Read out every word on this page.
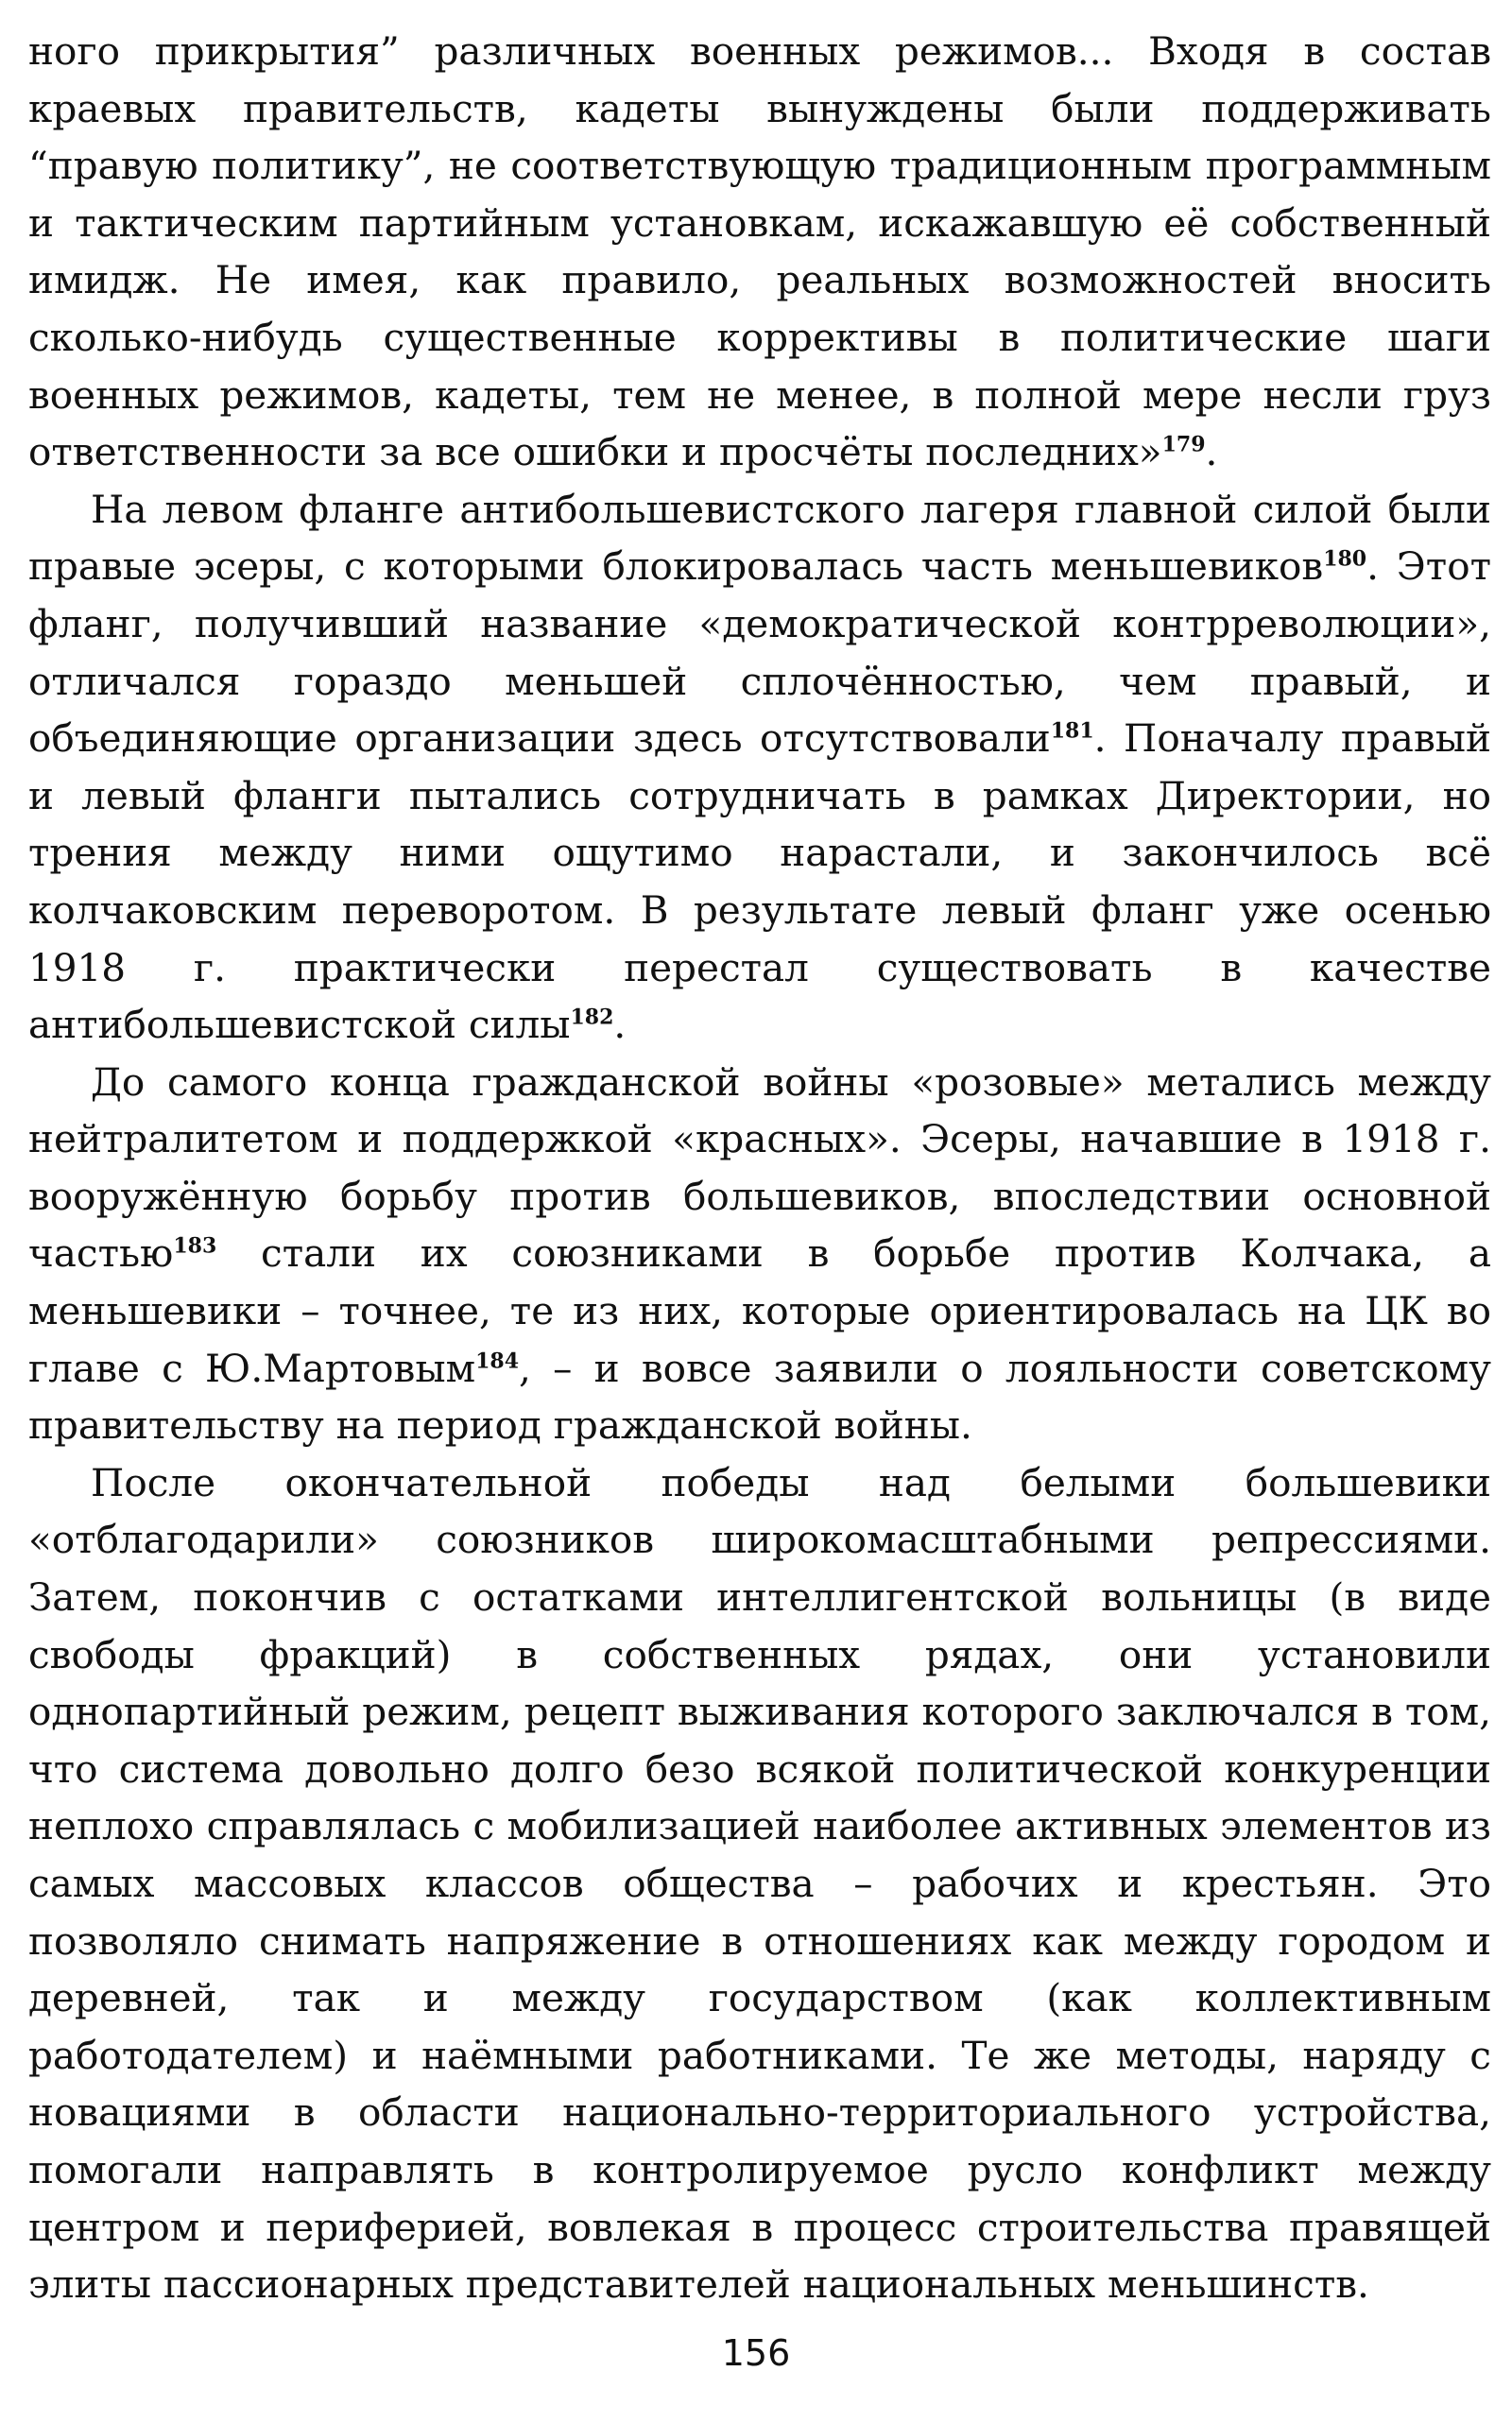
ного прикрытия” различных военных режимов... Входя в состав краевых правительств, кадеты вынуждены были поддерживать “правую политику”, не соответствующую традиционным программным и тактическим партийным установкам, искажавшую её собственный имидж. Не имея, как правило, реальных возможностей вносить сколько-нибудь существенные коррективы в политические шаги военных режимов, кадеты, тем не менее, в полной мере несли груз ответственности за все ошибки и просчёты последних»$^{179}$.

На левом фланге антибольшевистского лагеря главной силой были правые эсеры, с которыми блокировалась часть меньшевиков$^{180}$. Этот фланг, получивший название «демократической контрреволюции», отличался гораздо меньшей сплочённостью, чем правый, и объединяющие организации здесь отсутствовали$^{181}$. Поначалу правый и левый фланги пытались сотрудничать в рамках Директории, но трения между ними ощутимо нарастали, и закончилось всё колчаковским переворотом. В результате левый фланг уже осенью 1918 г. практически перестал существовать в качестве антибольшевистской силы$^{182}$.

До самого конца гражданской войны «розовые» метались между нейтралитетом и поддержкой «красных». Эсеры, начавшие в 1918 г. вооружённую борьбу против большевиков, впоследствии основной частью$^{183}$ стали их союзниками в борьбе против Колчака, а меньшевики – точнее, те из них, которые ориентировалась на ЦК во главе с Ю.Мартовым$^{184}$, – и вовсе заявили о лояльности советскому правительству на период гражданской войны.

После окончательной победы над белыми большевики «отблагодарили» союзников широкомасштабными репрессиями. Затем, покончив с остатками интеллигентской вольницы (в виде свободы фракций) в собственных рядах, они установили однопартийный режим, рецепт выживания которого заключался в том, что система довольно долго безо всякой политической конкуренции неплохо справлялась с мобилизацией наиболее активных элементов из самых массовых классов общества – рабочих и крестьян. Это позволяло снимать напряжение в отношениях как между городом и деревней, так и между государством (как коллективным работодателем) и наёмными работниками. Те же методы, наряду с новациями в области национально-территориального устройства, помогали направлять в контролируемое русло конфликт между центром и периферией, вовлекая в процесс строительства правящей элиты пассионарных представителей национальных меньшинств.

156
